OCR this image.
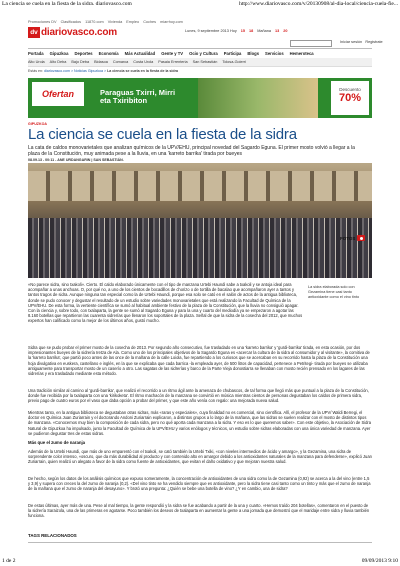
La ciencia se cuela en la fiesta de la sidra. diariovasco.com	http://www.diariovasco.com/v/20130908/al-dia-local/ciencia-cuela-fie...
Promociones DV Clasificados 11870.com Vivienda Empleo Coches miarrhoy.com
dv diariovasco.com	Lunes, 9 septiembre 2013 Hoy 15 18 Mañana 13 20
Iniciar sesión Registrate
Portada Gipuzkoa Deportes Economía Más Actualidad Gente y TV Ocio y Cultura Participa Blogs Servicios Hemeroteca
Alto Urola Alto Deba Bajo Deba Bidasoa Comarca Costa Urola Pasaia Errenteria San Sebastián Tolosa-Goierri
Estás en: diariovasco.com > Noticias Gipuzkoa > La ciencia se cuela en la fiesta de la sidra
Ofertan	Paraguas Txirri, Mirri
eta Txiribiton
Descuento
70%
GIPUZKOA
La ciencia se cuela en la fiesta de la sidra
La cata de caldos monovarietales que analizan químicos de la UPV/EHU, principal novedad del Sagardo Eguna. El primer mosto volvió a llegar a la plaza de la Constitución, muy animada pese a la lluvia, en una 'karreto barrika' tirada por bueyes
08.09.13 - 00:11 - ANE URDANGARIN | SAN SEBASTIÁN.
FOTOS
La sidra elaborada solo con Gezamina tiene casi tanto antioxidante como el vino tinto

«No parece sidra, sino txakoli». Cierto. El caldo elaborado únicamente con el tipo de manzana Urtebi Haundi sabe a txakoli y se antoja ideal para acompañar a unas anchoas. O, por qué no, a uno de los cientos de bocadillos de chorizo o de tortilla de bacalao que acompañaron ayer a tantos y tantos tragos de sidra. Aunque ninguna tan especial como la de Urtebi Haundi, porque esa solo se cató en el salón de actos de la antigua biblioteca, donde se pudo conocer y degustar el resultado de un estudio sobre variedades monovarietales que está realizando la Facultad de Química de la UPV/EHU. De esta forma, la vertiente científica se sumó al habitual ambiente festivo de la plaza de la Constitución, que la lluvia no consiguió apagar. Con la ciencia y, sobre todo, con txalaparta, la gente se sumó al Sagardo Eguna y para la una y cuarto del mediodía ya se empezaron a agotar las 8.160 botellas que repartieron las cuarenta sidrerías que llenaron los soportales de la plaza. Señal de que la sidra de la cosecha del 2012, que muchos expertos han calificado como la mejor de los últimos años, gustó mucho.

Sidra que se pudo probar el primer mosto de la cosecha de 2013. Por segundo año consecutivo, fue trasladado en una 'karreto barrika' y 'gurdi-barrika' tirada, en esta ocasión, por dos impresionantes bueyes de la sidrería Iretza de Ala. Como uno de los principales objetivos de la Sagardo Eguna es «acercar la cultura de la sidra al consumidor y al visitante», la comitiva de la 'karreto barrika', que partió poco antes de las once de la mañana de la calle Loiola, fue repartiendo a los curiosos que se acercaban en su recorrido hasta la plaza de la Constitución una hoja divulgativa en euskera, castellano e inglés, en la que se explicaba que cada barrica -la empleada ayer, de 500 litros de capacidad, pertenece a Petritegi- tirada por bueyes se utilizaba antiguamente para transportar mosto de un caserío a otro. Las sagatas de las sidrerías y barco de la Parte Vieja donostiarra se llenaban con mosto recién prensado en los lagares de las sidrerías y era trasladado mediante esta método.

Una tradición similar al camino al 'gurdi-barrika', que realizó el recorrido a un ritmo ágil ante la amenaza de chubascos, de tal forma que llegó más que puntual a la plaza de la Constitución, donde fue recibida por la txalaparta con una 'kirikoketa'. El ritmo machacón de la manzana se convirtió en música mientras cientos de personas degustaban los caldos de primera sidra, previo pago de cuatro euros por el vaso que daba opción a probar del primer, y que este año venía con regalo: una mejorada nueva salud.

Mientras tanto, en la antigua biblioteca se degustaban otras sidras, más «raras y especiales», cuya finalidad no es comercial, sino científica. Allí, el profesor de la UPV/ Waldi Berregi, el doctor en Química Juan Zuriarrain y el doctorando Andoni Zuriarrain explicaron, a distintos grupos a lo largo de la mañana, que las sidras se suelen realizar con el mosto de distintos tipos de manzana. «Conocemos muy bien la composición de cada sidra, pero no qué aporta cada manzana a la sidra. Y eso es lo que queremos saber». Con este objetivo, la Asociación de Sidra Natural de Gipuzkoa ha impulsado, junto la Facultad de Química de la UPV/EHU y varios enólogos y técnicos, un estudio sobre sidras elaboradas con una única variedad de manzana. Ayer se pudieron degustar tres de estas sidras.

Más que el zumo de naranja

Además de la Urtebi Haundi, que más de uno emparentó con el txakoli, se cató también la Urtebi Txiki, «con niveles intermedios de ácido y amargo», y la Gezamina, una sidra de sorprendente color intenso, «oscuro, que da más durabilidad al producto y con contenido alto en amargor debido a los antioxidantes naturales de la manzana para defenderse», explicó Juan Zuriarrain, quien realizó un alegato a favor de la sidra como fuente de antioxidantes, que evitan el daño oxidativo y que mejoran nuestra salud.

De hecho, según los datos de los análisis químicos que expuso someramente, la concentración de antioxidantes de una sidra como la de Gezamina (0,92) se acerca a la del vino (entre 1,5 y 3,9) y supera con creces la del zumo de naranja (0,2). «Del vino tinto se ha vendido siempre que es antioxidante, pero la sidra tiene casi tanto como un tinto y más que el zumo de naranja de la mañana que el zumo de naranja del desayuno». Y brotó una pregunta: ¿Quién se bebe una botella de vino? ¿Y en cambio, una de sidra?

De estas últimas, ayer más de una. Pese al mal tiempo, la gente respondió y la sidra se fue acabando a partir de la una y cuarto. «Hemos traído 204 botellas», comentaron en el puesto de la sidrería Saraizola, una de las primeras en agotarse. Poco también los deseos de txalaparta en aumentar la gente a una jornada que demostró que el maridaje entre sidra y lluvia también funciona.

TAGS RELACIONADOS
1 de 2	09/09/2013 9:10
